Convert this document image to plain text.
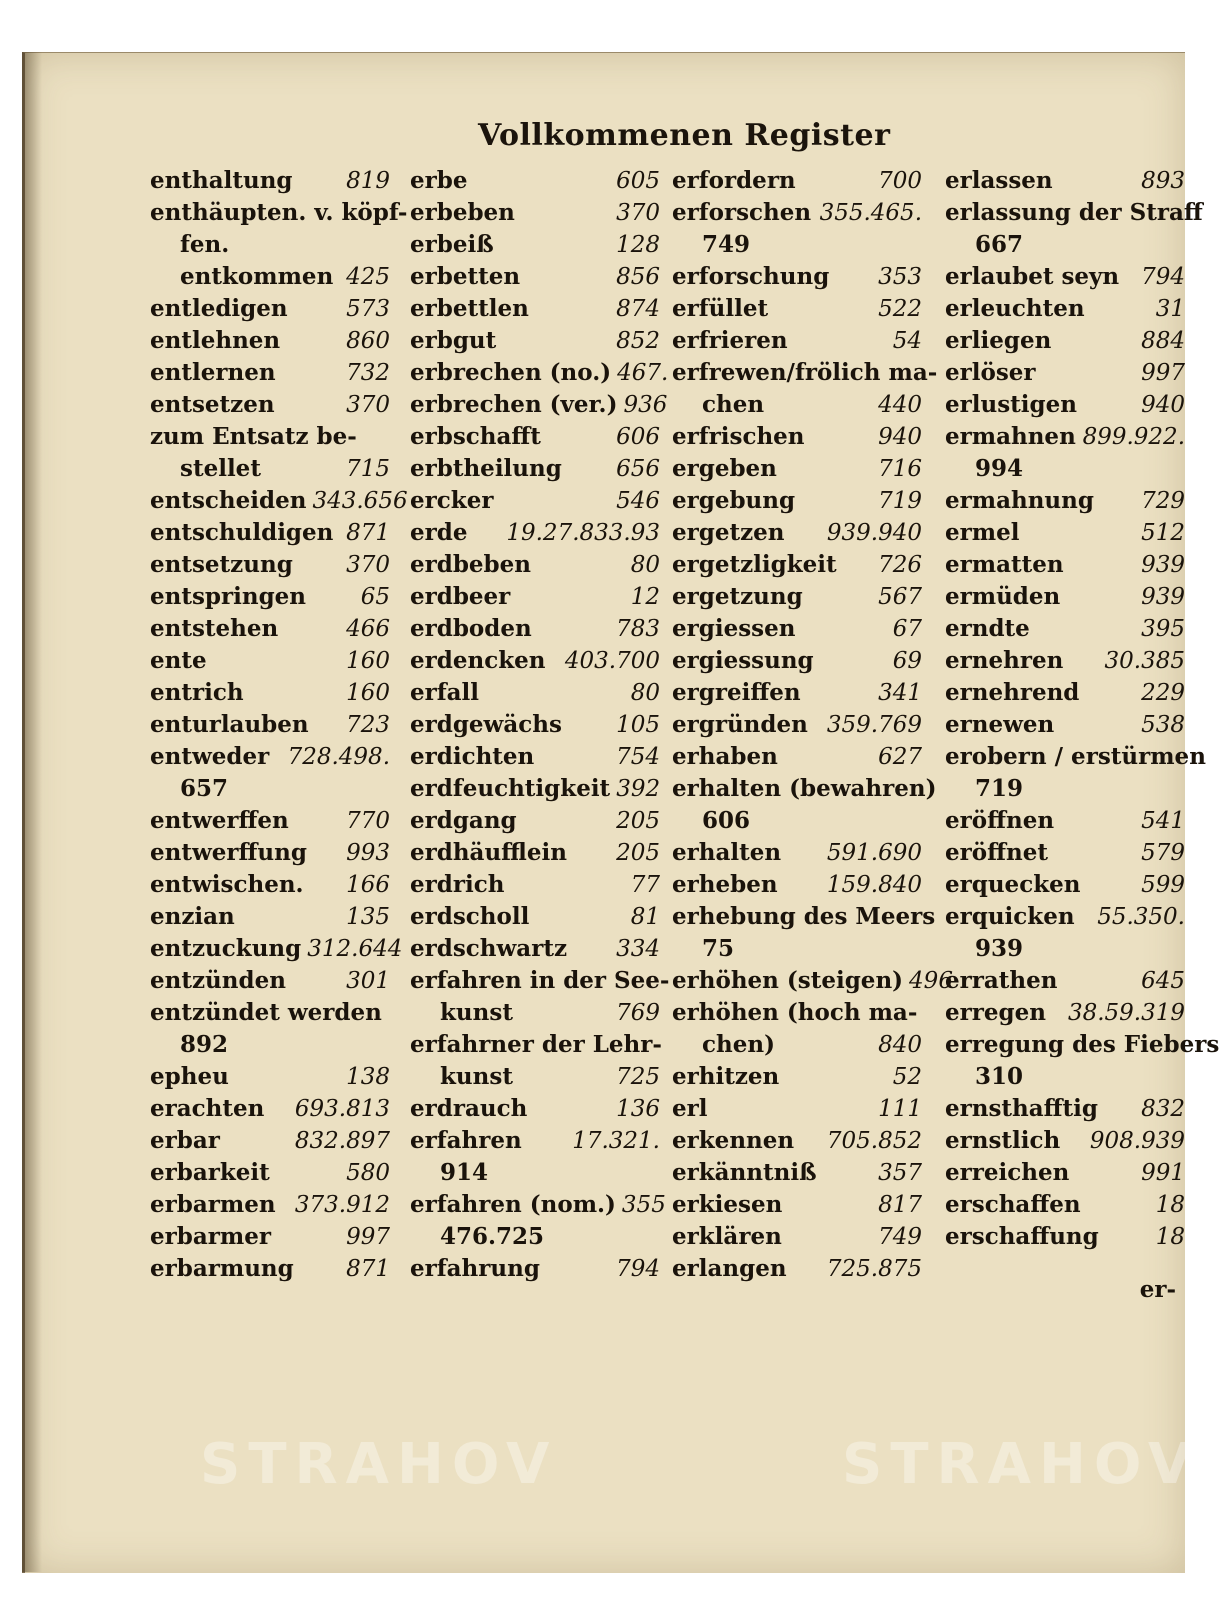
Vollkommenen Register
enthaltung 819
enthäupten. v. köpf-
fen.
entkommen 425
entledigen	573
entlehnen	860
entlernen	732
entsetzen	370
zum Entsatz be-
stellet	715
entscheiden 343.656
entschuldigen 871
entsetzung 370
entspringen 65
entstehen	466
ente	160
entrich	160
enturlauben 723
entweder 728.498.
657
entwerffen 770
entwerffung 993
entwischen. 166
enzian	135
entzuckung 312.644
entzünden	301
entzündet werden
892
epheu	138
erachten 693.813
erbar	832.897
erbarkeit	580
erbarmen 373.912
erbarmer	997
erbarmung 871
erbe	605
erbeben	370
erbeiß	128
erbetten	856
erbettlen	874
erbgut	852
erbrechen (no.) 467.
erbrechen (ver.) 936
erbschafft	606
erbtheilung 656
ercker	546
erde 19.27.833.93
erdbeben	80
erdbeer	12
erdboden	783
erdencken 403.700
erfall	80
erdgewächs 105
erdichten	754
erdfeuchtigkeit 392
erdgang	205
erdhäufflein 205
erdrich	77
erdscholl	81
erdschwartz 334
erfahren in der See-
kunst	769
erfahrner der Lehr-
kunst	725
erdrauch	136
erfahren 17.321.
914
erfahren (nom.) 355
476.725
erfahrung	794
erfordern	700
erforschen 355.465.
749
erforschung 353
erfüllet	522
erfrieren	54
erfrewen/frölich ma-
chen	440
erfrischen	940
ergeben	716
ergebung	719
ergetzen 939.940
ergetzligkeit 726
ergetzung	567
ergiessen	67
ergiessung	69
ergreiffen	341
ergründen 359.769
erhaben	627
erhalten (bewahren)
606
erhalten 591.690
erheben 159.840
erhebung des Meers
75
erhöhen (steigen) 496
erhöhen (hoch ma-
chen)	840
erhitzen	52
erl	111
erkennen 705.852
erkänntniß	357
erkiesen	817
erklären	749
erlangen 725.875
erlassen	893
erlassung der Straff
667
erlaubet seyn 794
erleuchten	31
erliegen	884
erlöser	997
erlustigen	940
ermahnen 899.922.
994
ermahnung 729
ermel	512
ermatten	939
ermüden	939
erndte	395
ernehren 30.385
ernehrend	229
ernewen	538
erobern / erstürmen
719
eröffnen	541
eröffnet	579
erquecken	599
erquicken 55.350.
939
errathen	645
erregen 38.59.319
erregung des Fiebers
310
ernsthafftig 832
ernstlich 908.939
erreichen	991
erschaffen	18
erschaffung 18
er-
STRAHOV	STRAHOV
